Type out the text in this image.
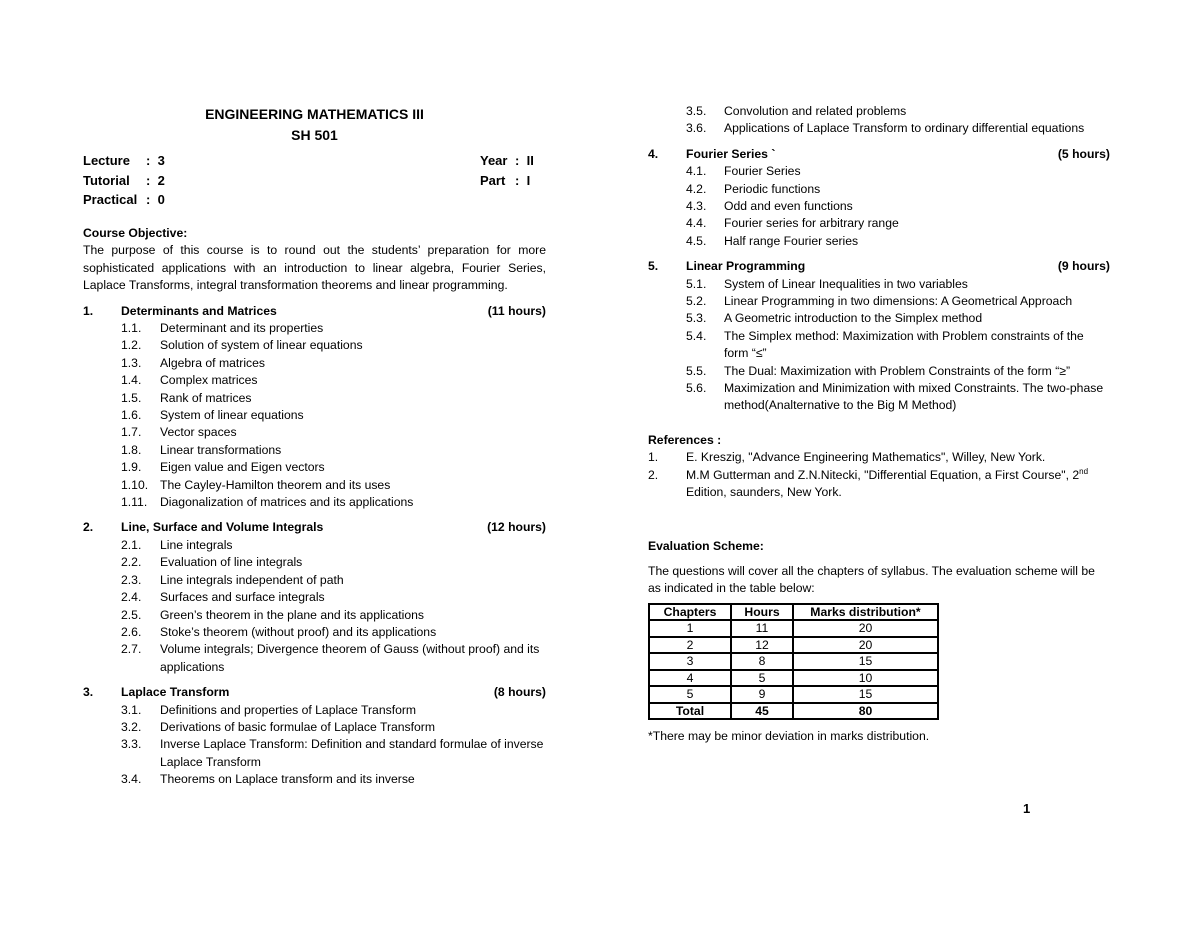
ENGINEERING MATHEMATICS III
SH 501
Lecture : 3
Tutorial : 2
Practical : 0
Year : II
Part : I
Course Objective:
The purpose of this course is to round out the students’ preparation for more sophisticated applications with an introduction to linear algebra, Fourier Series, Laplace Transforms, integral transformation theorems and linear programming.
1. Determinants and Matrices	(11 hours)
1.1. Determinant and its properties
1.2. Solution of system of linear equations
1.3. Algebra of matrices
1.4. Complex matrices
1.5. Rank of matrices
1.6. System of linear equations
1.7. Vector spaces
1.8. Linear transformations
1.9. Eigen value and Eigen vectors
1.10. The Cayley-Hamilton theorem and its uses
1.11. Diagonalization of matrices and its applications
2. Line, Surface and Volume Integrals	(12 hours)
2.1. Line integrals
2.2. Evaluation of line integrals
2.3. Line integrals independent of path
2.4. Surfaces and surface integrals
2.5. Green’s theorem in the plane and its applications
2.6. Stoke’s theorem (without proof) and its applications
2.7. Volume integrals; Divergence theorem of Gauss (without proof) and its applications
3. Laplace Transform	(8 hours)
3.1. Definitions and properties of Laplace Transform
3.2. Derivations of basic formulae of Laplace Transform
3.3. Inverse Laplace Transform: Definition and standard formulae of inverse Laplace Transform
3.4. Theorems on Laplace transform and its inverse
3.5. Convolution and related problems
3.6. Applications of Laplace Transform to ordinary differential equations
4. Fourier Series `	(5 hours)
4.1. Fourier Series
4.2. Periodic functions
4.3. Odd and even functions
4.4. Fourier series for arbitrary range
4.5. Half range Fourier series
5. Linear Programming	(9 hours)
5.1. System of Linear Inequalities in two variables
5.2. Linear Programming in two dimensions: A Geometrical Approach
5.3. A Geometric introduction to the Simplex method
5.4. The Simplex method: Maximization with Problem constraints of the form “≤”
5.5. The Dual: Maximization with Problem Constraints of the form “≥”
5.6. Maximization and Minimization with mixed Constraints. The two-phase method(Analternative to the Big M Method)
References :
1. E. Kreszig, "Advance Engineering Mathematics", Willey, New York.
2. M.M Gutterman and Z.N.Nitecki, "Differential Equation, a First Course", 2nd Edition, saunders, New York.
Evaluation Scheme:
The questions will cover all the chapters of syllabus. The evaluation scheme will be as indicated in the table below:
Chapters	Hours	Marks distribution*
1	11	20
2	12	20
3	8	15
4	5	10
5	9	15
Total	45	80
*There may be minor deviation in marks distribution.
1
